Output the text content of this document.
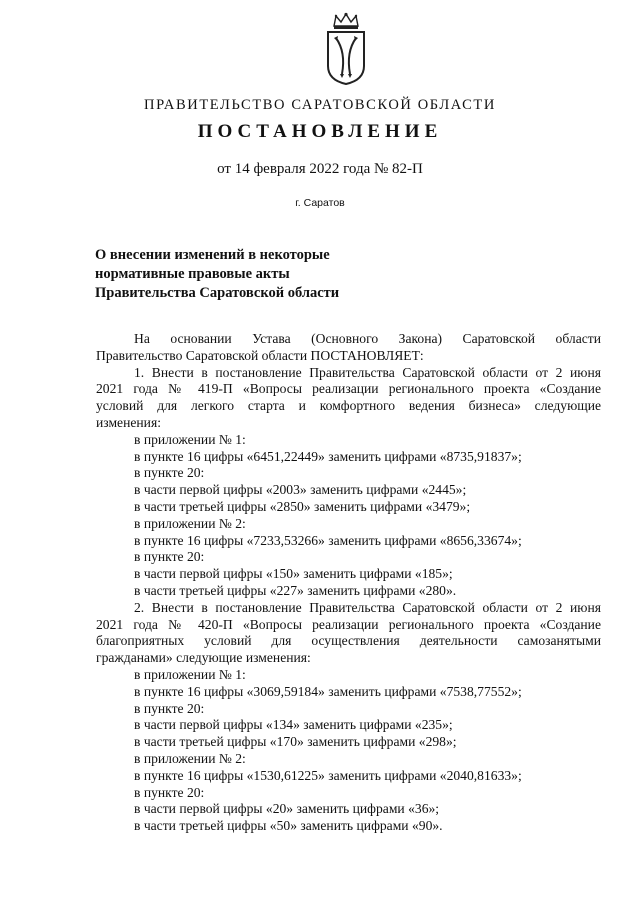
ПРАВИТЕЛЬСТВО САРАТОВСКОЙ ОБЛАСТИ
ПОСТАНОВЛЕНИЕ
от 14 февраля 2022 года № 82-П
г. Саратов
О внесении изменений в некоторые
нормативные правовые акты
Правительства Саратовской области
На основании Устава (Основного Закона) Саратовской области
Правительство Саратовской области ПОСТАНОВЛЯЕТ:
1. Внести в постановление Правительства Саратовской области от 2 июня
2021 года № 419-П «Вопросы реализации регионального проекта «Создание
условий для легкого старта и комфортного ведения бизнеса» следующие
изменения:
в приложении № 1:
в пункте 16 цифры «6451,22449» заменить цифрами «8735,91837»;
в пункте 20:
в части первой цифры «2003» заменить цифрами «2445»;
в части третьей цифры «2850» заменить цифрами «3479»;
в приложении № 2:
в пункте 16 цифры «7233,53266» заменить цифрами «8656,33674»;
в пункте 20:
в части первой цифры «150» заменить цифрами «185»;
в части третьей цифры «227» заменить цифрами «280».
2. Внести в постановление Правительства Саратовской области от 2 июня
2021 года № 420-П «Вопросы реализации регионального проекта «Создание
благоприятных условий для осуществления деятельности самозанятыми
гражданами» следующие изменения:
в приложении № 1:
в пункте 16 цифры «3069,59184» заменить цифрами «7538,77552»;
в пункте 20:
в части первой цифры «134» заменить цифрами «235»;
в части третьей цифры «170» заменить цифрами «298»;
в приложении № 2:
в пункте 16 цифры «1530,61225» заменить цифрами «2040,81633»;
в пункте 20:
в части первой цифры «20» заменить цифрами «36»;
в части третьей цифры «50» заменить цифрами «90».
